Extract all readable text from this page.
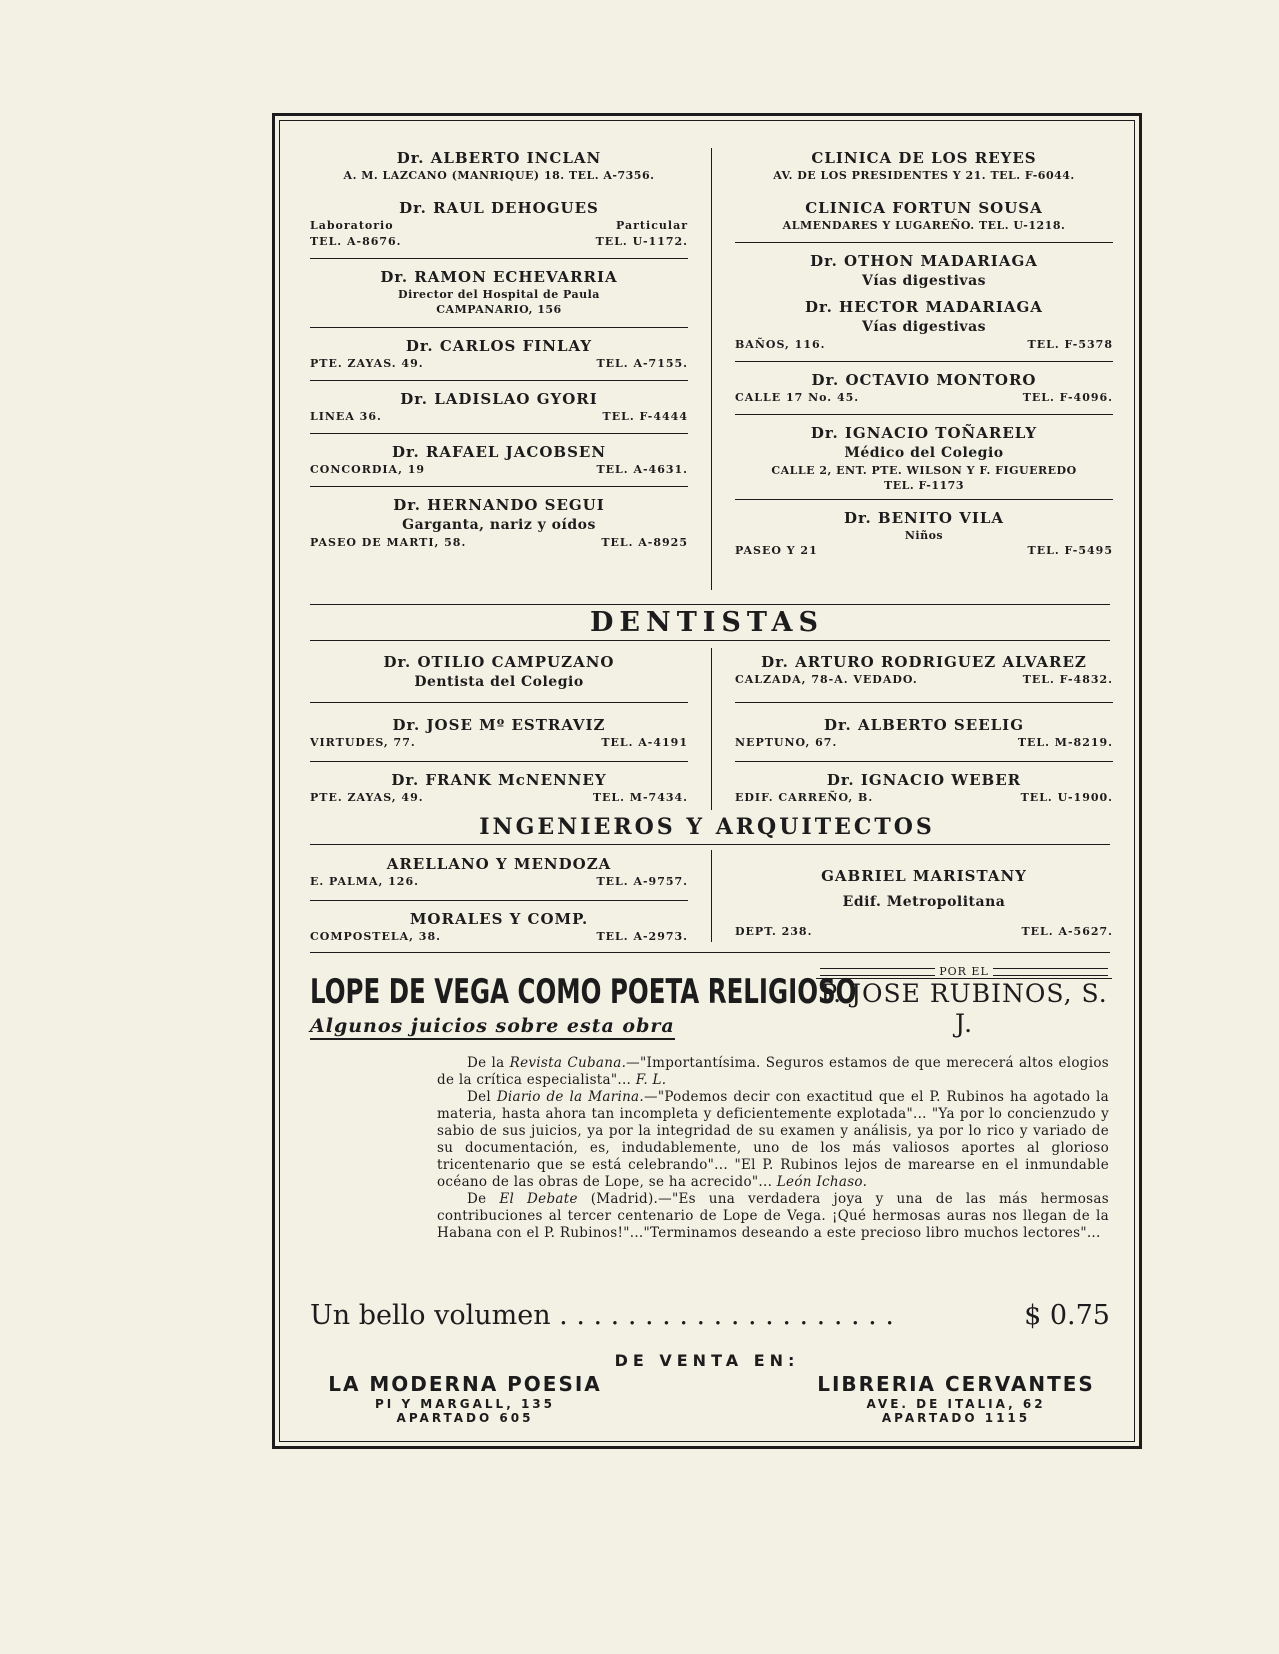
Dr. ALBERTO INCLAN
A. M. LAZCANO (MANRIQUE) 18. TEL. A-7356.
Dr. RAUL DEHOGUES
Laboratorio	Particular
TEL. A-8676.	TEL. U-1172.
Dr. RAMON ECHEVARRIA
Director del Hospital de Paula
CAMPANARIO, 156
Dr. CARLOS FINLAY
PTE. ZAYAS. 49.	TEL. A-7155.
Dr. LADISLAO GYORI
LINEA 36.	TEL. F-4444
Dr. RAFAEL JACOBSEN
CONCORDIA, 19	TEL. A-4631.
Dr. HERNANDO SEGUI
Garganta, nariz y oídos
PASEO DE MARTI, 58.	TEL. A-8925
CLINICA DE LOS REYES
AV. DE LOS PRESIDENTES Y 21. TEL. F-6044.
CLINICA FORTUN SOUSA
ALMENDARES Y LUGAREÑO. TEL. U-1218.
Dr. OTHON MADARIAGA
Vías digestivas
Dr. HECTOR MADARIAGA
Vías digestivas
BAÑOS, 116.	TEL. F-5378
Dr. OCTAVIO MONTORO
CALLE 17 No. 45.	TEL. F-4096.
Dr. IGNACIO TOÑARELY
Médico del Colegio
CALLE 2, ENT. PTE. WILSON Y F. FIGUEREDO
TEL. F-1173
Dr. BENITO VILA
Niños
PASEO Y 21	TEL. F-5495
DENTISTAS
Dr. OTILIO CAMPUZANO
Dentista del Colegio
Dr. JOSE Mº ESTRAVIZ
VIRTUDES, 77.	TEL. A-4191
Dr. FRANK McNENNEY
PTE. ZAYAS, 49.	TEL. M-7434.
Dr. ARTURO RODRIGUEZ ALVAREZ
CALZADA, 78-A. VEDADO.	TEL. F-4832.
Dr. ALBERTO SEELIG
NEPTUNO, 67.	TEL. M-8219.
Dr. IGNACIO WEBER
EDIF. CARREÑO, B.	TEL. U-1900.
INGENIEROS Y ARQUITECTOS
ARELLANO Y MENDOZA
E. PALMA, 126.	TEL. A-9757.
MORALES Y COMP.
COMPOSTELA, 38.	TEL. A-2973.
GABRIEL MARISTANY
Edif. Metropolitana
DEPT. 238.	TEL. A-5627.
LOPE DE VEGA COMO POETA RELIGIOSO
POR EL
P. JOSE RUBINOS, S. J.
Algunos juicios sobre esta obra

De la Revista Cubana.—"Importantísima. Seguros estamos de que merecerá altos elogios de la crítica especialista"... F. L.

Del Diario de la Marina.—"Podemos decir con exactitud que el P. Rubinos ha agotado la materia, hasta ahora tan incompleta y deficientemente explotada"... "Ya por lo concienzudo y sabio de sus juicios, ya por la integridad de su examen y análisis, ya por lo rico y variado de su documentación, es, indudablemente, uno de los más valiosos aportes al glorioso tricentenario que se está celebrando"... "El P. Rubinos lejos de marearse en el inmundable océano de las obras de Lope, se ha acrecido"... León Ichaso.

De El Debate (Madrid).—"Es una verdadera joya y una de las más hermosas contribuciones al tercer centenario de Lope de Vega. ¡Qué hermosas auras nos llegan de la Habana con el P. Rubinos!"..."Terminamos deseando a este precioso libro muchos lectores"...

Un bello volumen . . . . . . . . . . . . . . . . . . . .	$ 0.75
DE VENTA EN:
LA MODERNA POESIA
PI Y MARGALL, 135
APARTADO 605
LIBRERIA CERVANTES
AVE. DE ITALIA, 62
APARTADO 1115
